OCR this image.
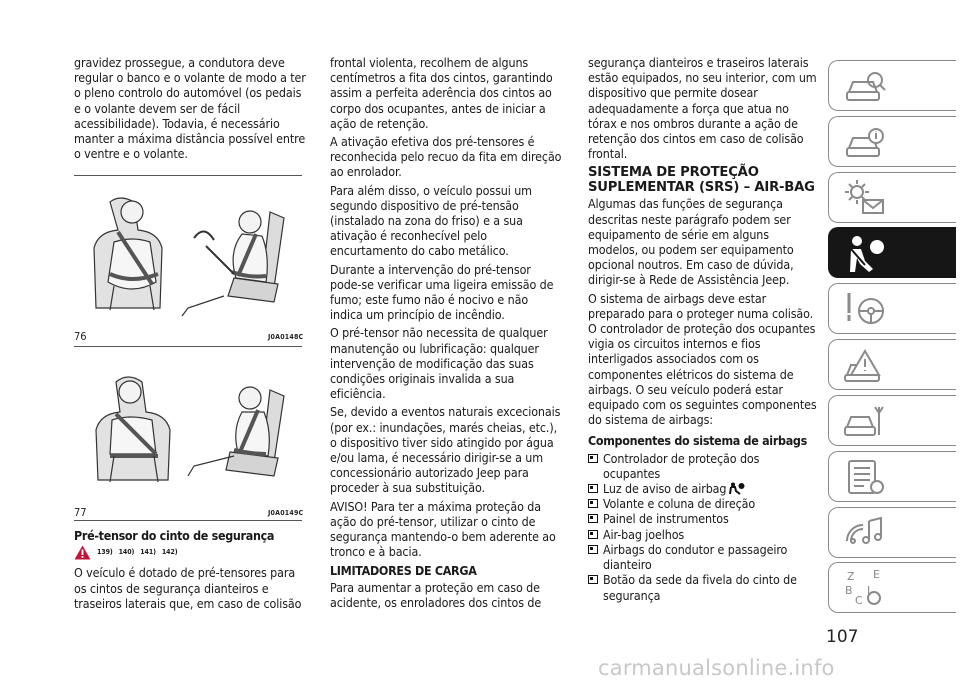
gravidez prossegue, a condutora deve regular o banco e o volante de modo a ter o pleno controlo do automóvel (os pedais e o volante devem ser de fácil acessibilidade). Todavia, é necessário manter a máxima distância possível entre o ventre e o volante.

76	J0A0148C
77	J0A0149C
Pré-tensor do cinto de segurança
139) 140) 141) 142)

O veículo é dotado de pré-tensores para os cintos de segurança dianteiros e traseiros laterais que, em caso de colisão

frontal violenta, recolhem de alguns centímetros a fita dos cintos, garantindo assim a perfeita aderência dos cintos ao corpo dos ocupantes, antes de iniciar a ação de retenção.

A ativação efetiva dos pré-tensores é reconhecida pelo recuo da fita em direção ao enrolador.

Para além disso, o veículo possui um segundo dispositivo de pré-tensão (instalado na zona do friso) e a sua ativação é reconhecível pelo encurtamento do cabo metálico.

Durante a intervenção do pré-tensor pode-se verificar uma ligeira emissão de fumo; este fumo não é nocivo e não indica um princípio de incêndio.

O pré-tensor não necessita de qualquer manutenção ou lubrificação: qualquer intervenção de modificação das suas condições originais invalida a sua eficiência.

Se, devido a eventos naturais excecionais (por ex.: inundações, marés cheias, etc.), o dispositivo tiver sido atingido por água e/ou lama, é necessário dirigir-se a um concessionário autorizado Jeep para proceder à sua substituição.

AVISO! Para ter a máxima proteção da ação do pré-tensor, utilizar o cinto de segurança mantendo-o bem aderente ao tronco e à bacia.

LIMITADORES DE CARGA

Para aumentar a proteção em caso de acidente, os enroladores dos cintos de

segurança dianteiros e traseiros laterais estão equipados, no seu interior, com um dispositivo que permite dosear adequadamente a força que atua no tórax e nos ombros durante a ação de retenção dos cintos em caso de colisão frontal.

SISTEMA DE PROTEÇÃO
SUPLEMENTAR (SRS) – AIR-BAG

Algumas das funções de segurança descritas neste parágrafo podem ser equipamento de série em alguns modelos, ou podem ser equipamento opcional noutros. Em caso de dúvida, dirigir-se à Rede de Assistência Jeep.

O sistema de airbags deve estar preparado para o proteger numa colisão. O controlador de proteção dos ocupantes vigia os circuitos internos e fios interligados associados com os componentes elétricos do sistema de airbags. O seu veículo poderá estar equipado com os seguintes componentes do sistema de airbags:

Componentes do sistema de airbags
Controlador de proteção dos ocupantes
Luz de aviso de airbag
Volante e coluna de direção
Painel de instrumentos
Air-bag joelhos
Airbags do condutor e passageiro dianteiro
Botão da sede da fivela do cinto de segurança
Z E
B
C
I
107
carmanualsonline.info
